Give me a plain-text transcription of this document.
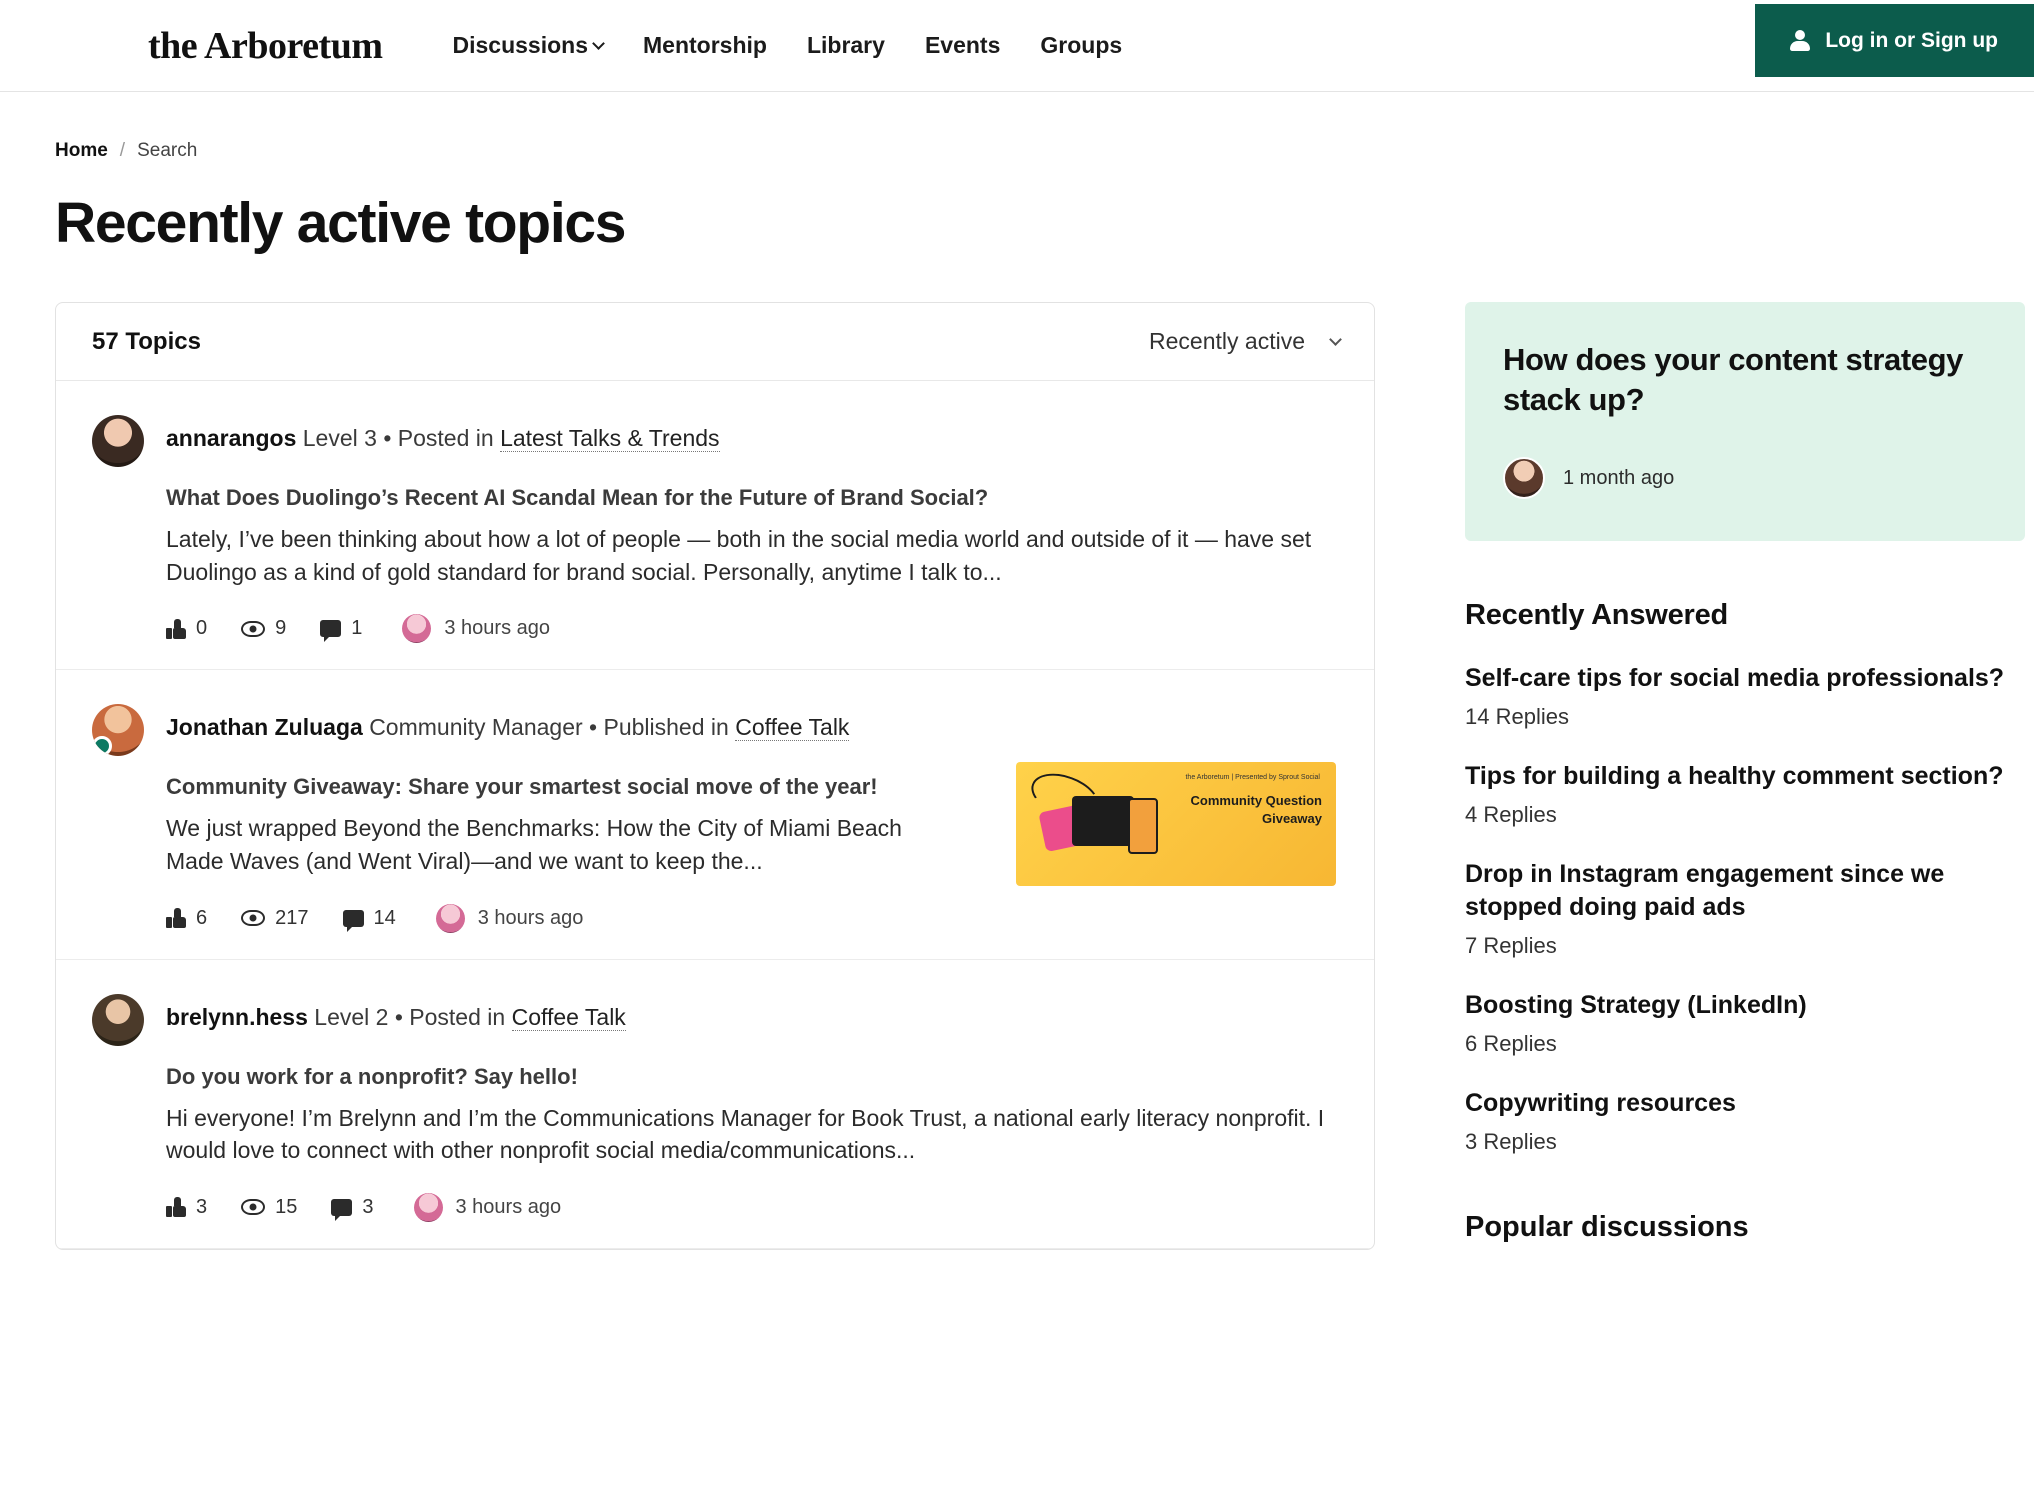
the Arboretum	Discussions Mentorship Library Events Groups	Log in or Sign up
Home / Search
Recently active topics
57 Topics	Recently active
annarangos Level 3 • Posted in Latest Talks & Trends
What Does Duolingo’s Recent AI Scandal Mean for the Future of Brand Social?
Lately, I’ve been thinking about how a lot of people — both in the social media world and outside of it — have set Duolingo as a kind of gold standard for brand social. Personally, anytime I talk to...
0	9	1	3 hours ago
Jonathan Zuluaga Community Manager • Published in Coffee Talk
Community Giveaway: Share your smartest social move of the year!
We just wrapped Beyond the Benchmarks: How the City of Miami Beach Made Waves (and Went Viral)—and we want to keep the...
the Arboretum | Presented by Sprout Social
Community Question
Giveaway
6	217	14	3 hours ago
brelynn.hess Level 2 • Posted in Coffee Talk
Do you work for a nonprofit? Say hello!
Hi everyone! I’m Brelynn and I’m the Communications Manager for Book Trust, a national early literacy nonprofit. I would love to connect with other nonprofit social media/communications...
3	15	3	3 hours ago
How does your content strategy stack up?
1 month ago
Recently Answered
Self-care tips for social media professionals?
14 Replies
Tips for building a healthy comment section?
4 Replies
Drop in Instagram engagement since we stopped doing paid ads
7 Replies
Boosting Strategy (LinkedIn)
6 Replies
Copywriting resources
3 Replies
Popular discussions
